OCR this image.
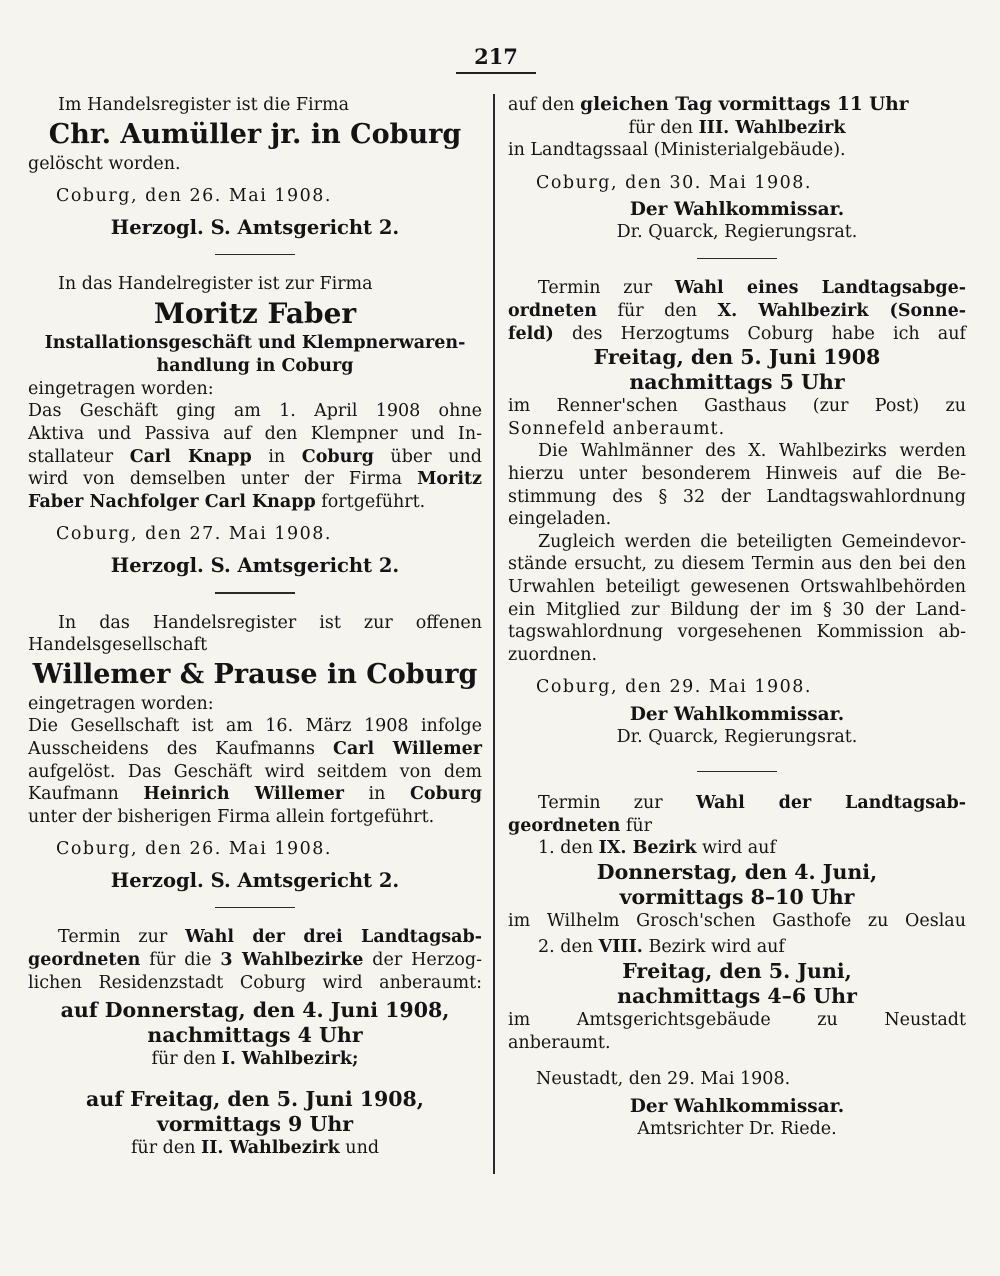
217

Im Handelsregister ist die Firma

Chr. Aumüller jr. in Coburg

gelöscht worden.

Coburg, den 26. Mai 1908.

Herzogl. S. Amtsgericht 2.

In das Handelregister ist zur Firma

Moritz Faber
Installationsgeschäft und Klempnerwaren-
handlung in Coburg

eingetragen worden:

Das Geschäft ging am 1. April 1908 ohne

Aktiva und Passiva auf den Klempner und In-

stallateur Carl Knapp in Coburg über und

wird von demselben unter der Firma Moritz

Faber Nachfolger Carl Knapp fortgeführt.

Coburg, den 27. Mai 1908.

Herzogl. S. Amtsgericht 2.

In das Handelsregister ist zur offenen

Handelsgesellschaft

Willemer & Prause in Coburg

eingetragen worden:

Die Gesellschaft ist am 16. März 1908 infolge

Ausscheidens des Kaufmanns Carl Willemer

aufgelöst. Das Geschäft wird seitdem von dem

Kaufmann Heinrich Willemer in Coburg

unter der bisherigen Firma allein fortgeführt.

Coburg, den 26. Mai 1908.

Herzogl. S. Amtsgericht 2.

Termin zur Wahl der drei Landtagsab-

geordneten für die 3 Wahlbezirke der Herzog-

lichen Residenzstadt Coburg wird anberaumt:

auf Donnerstag, den 4. Juni 1908,
nachmittags 4 Uhr

für den I. Wahlbezirk;

auf Freitag, den 5. Juni 1908,
vormittags 9 Uhr

für den II. Wahlbezirk und

auf den gleichen Tag vormittags 11 Uhr

für den III. Wahlbezirk

in Landtagssaal (Ministerialgebäude).

Coburg, den 30. Mai 1908.

Der Wahlkommissar.

Dr. Quarck, Regierungsrat.

Termin zur Wahl eines Landtagsabge-

ordneten für den X. Wahlbezirk (Sonne-

feld) des Herzogtums Coburg habe ich auf

Freitag, den 5. Juni 1908
nachmittags 5 Uhr

im Renner'schen Gasthaus (zur Post) zu

Sonnefeld anberaumt.

Die Wahlmänner des X. Wahlbezirks werden

hierzu unter besonderem Hinweis auf die Be-

stimmung des § 32 der Landtagswahlordnung

eingeladen.

Zugleich werden die beteiligten Gemeindevor-

stände ersucht, zu diesem Termin aus den bei den

Urwahlen beteiligt gewesenen Ortswahlbehörden

ein Mitglied zur Bildung der im § 30 der Land-

tagswahlordnung vorgesehenen Kommission ab-

zuordnen.

Coburg, den 29. Mai 1908.

Der Wahlkommissar.

Dr. Quarck, Regierungsrat.

Termin zur Wahl der Landtagsab-

geordneten für

1. den IX. Bezirk wird auf

Donnerstag, den 4. Juni,
vormittags 8–10 Uhr

im Wilhelm Grosch'schen Gasthofe zu Oeslau

2. den VIII. Bezirk wird auf

Freitag, den 5. Juni,
nachmittags 4–6 Uhr

im Amtsgerichtsgebäude zu Neustadt

anberaumt.

Neustadt, den 29. Mai 1908.

Der Wahlkommissar.

Amtsrichter Dr. Riede.
